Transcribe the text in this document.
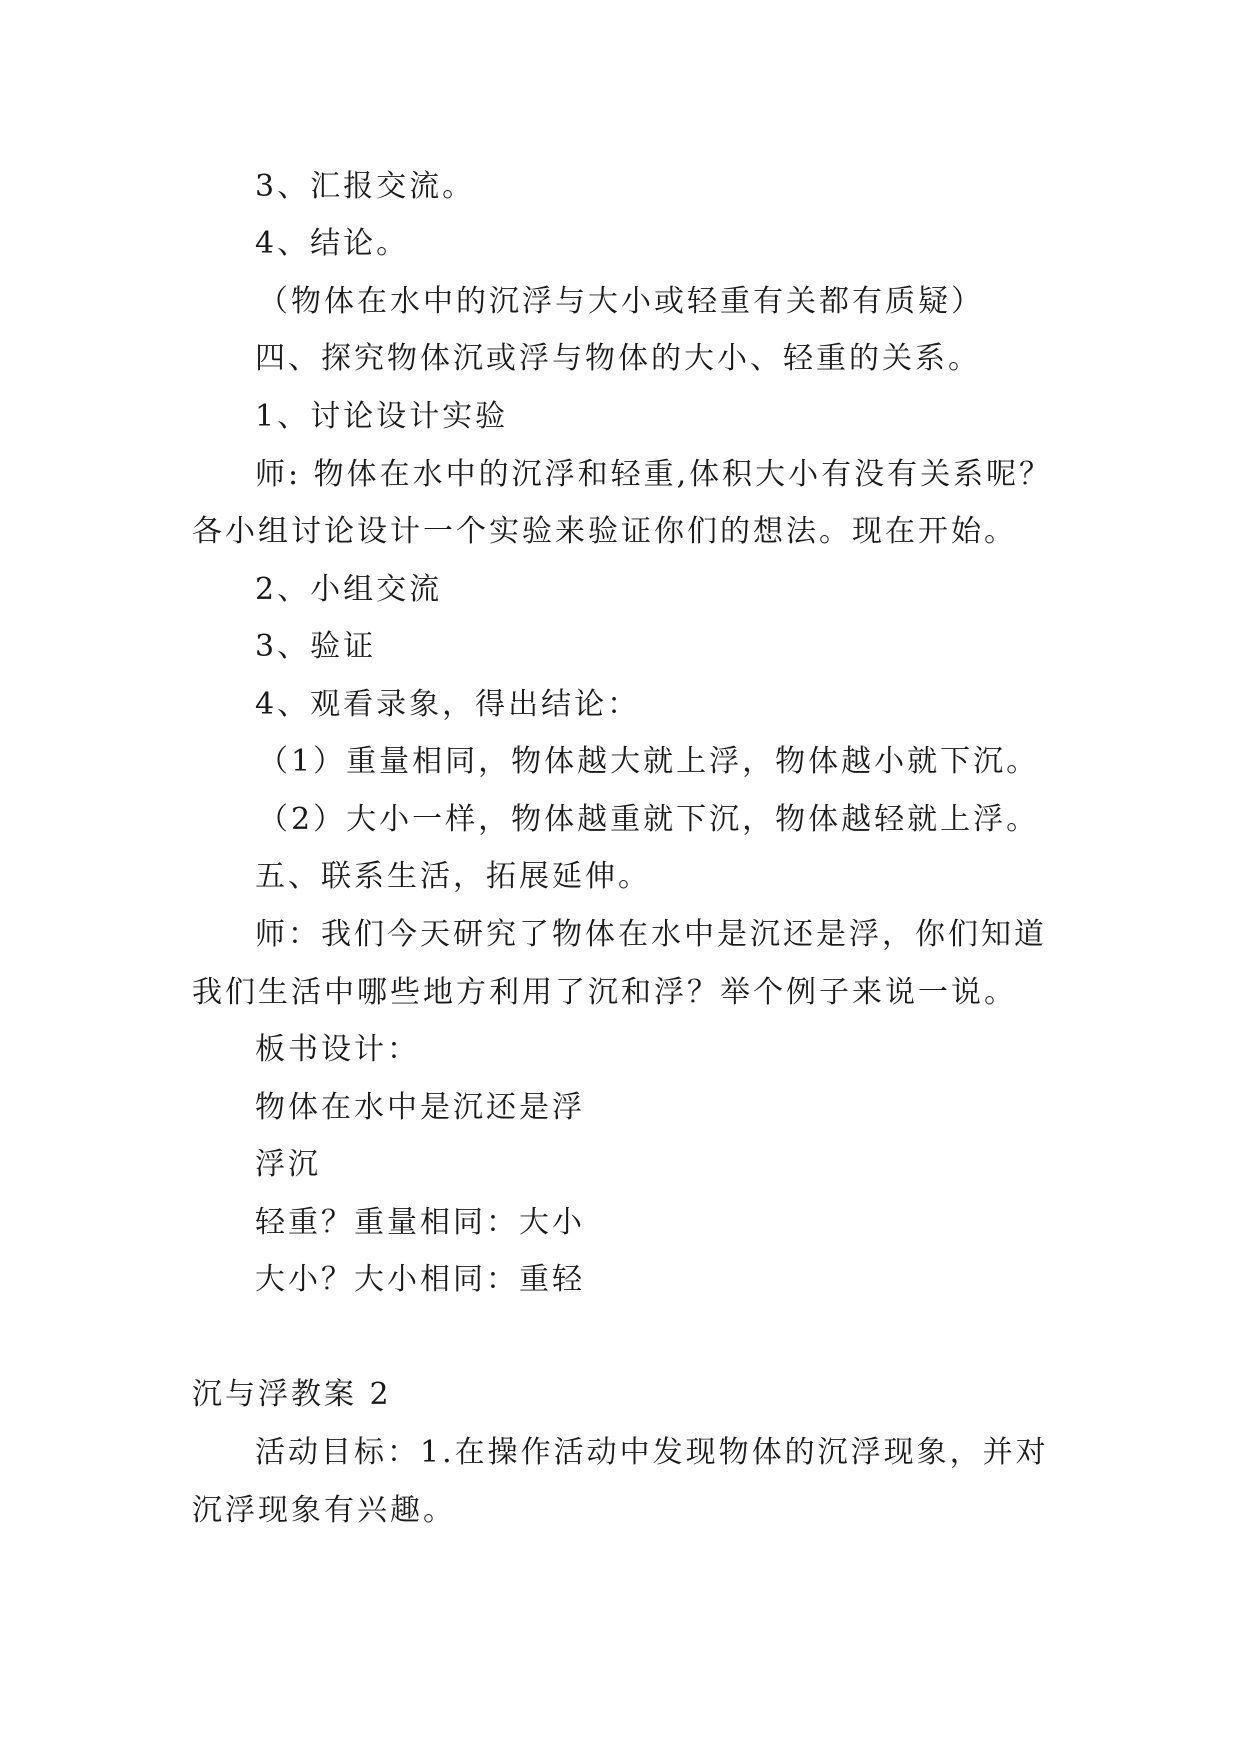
3、汇报交流。
4、结论。
（物体在水中的沉浮与大小或轻重有关都有质疑）
四、探究物体沉或浮与物体的大小、轻重的关系。
1、讨论设计实验
师: 物体在水中的沉浮和轻重,体积大小有没有关系呢？
各小组讨论设计一个实验来验证你们的想法。现在开始。
2、小组交流
3、验证
4、观看录象，得出结论：
（1）重量相同，物体越大就上浮，物体越小就下沉。
（2）大小一样，物体越重就下沉，物体越轻就上浮。
五、联系生活，拓展延伸。
师：我们今天研究了物体在水中是沉还是浮，你们知道
我们生活中哪些地方利用了沉和浮？举个例子来说一说。
板书设计：
物体在水中是沉还是浮
浮沉
轻重？重量相同：大小
大小？大小相同：重轻
沉与浮教案 2
活动目标：1.在操作活动中发现物体的沉浮现象，并对
沉浮现象有兴趣。
